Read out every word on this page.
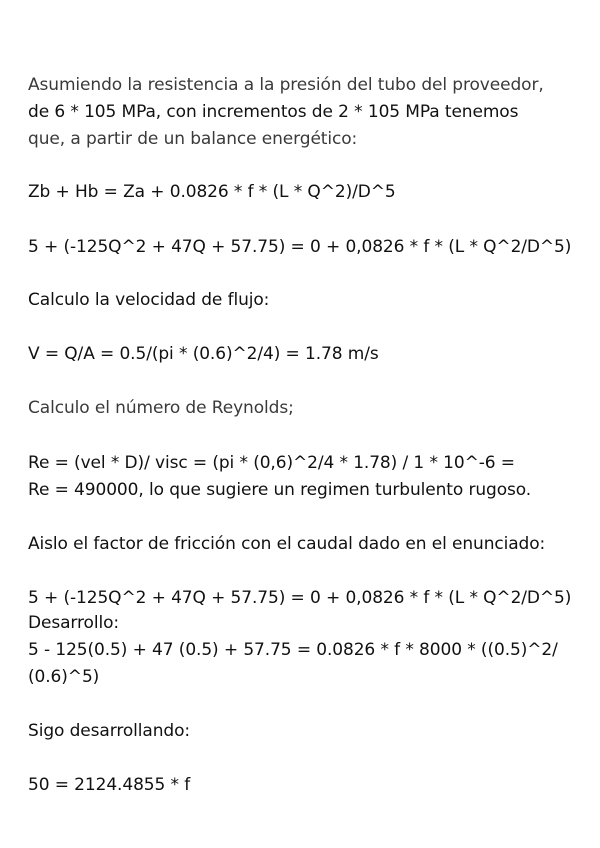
Asumiendo la resistencia a la presión del tubo del proveedor,
de 6 * 105 MPa, con incrementos de 2 * 105 MPa tenemos
que, a partir de un balance energético:
Zb + Hb = Za + 0.0826 * f * (L * Q^2)/D^5
5 + (-125Q^2 + 47Q + 57.75) = 0 + 0,0826 * f * (L * Q^2/D^5)
Calculo la velocidad de flujo:
V = Q/A = 0.5/(pi * (0.6)^2/4) = 1.78 m/s
Calculo el número de Reynolds;
Re = (vel * D)/ visc = (pi * (0,6)^2/4 * 1.78) / 1 * 10^-6 =
Re = 490000, lo que sugiere un regimen turbulento rugoso.
Aislo el factor de fricción con el caudal dado en el enunciado:
5 + (-125Q^2 + 47Q + 57.75) = 0 + 0,0826 * f * (L * Q^2/D^5)
Desarrollo:
5 - 125(0.5) + 47 (0.5) + 57.75 = 0.0826 * f * 8000 * ((0.5)^2/
(0.6)^5)
Sigo desarrollando:
50 = 2124.4855 * f
